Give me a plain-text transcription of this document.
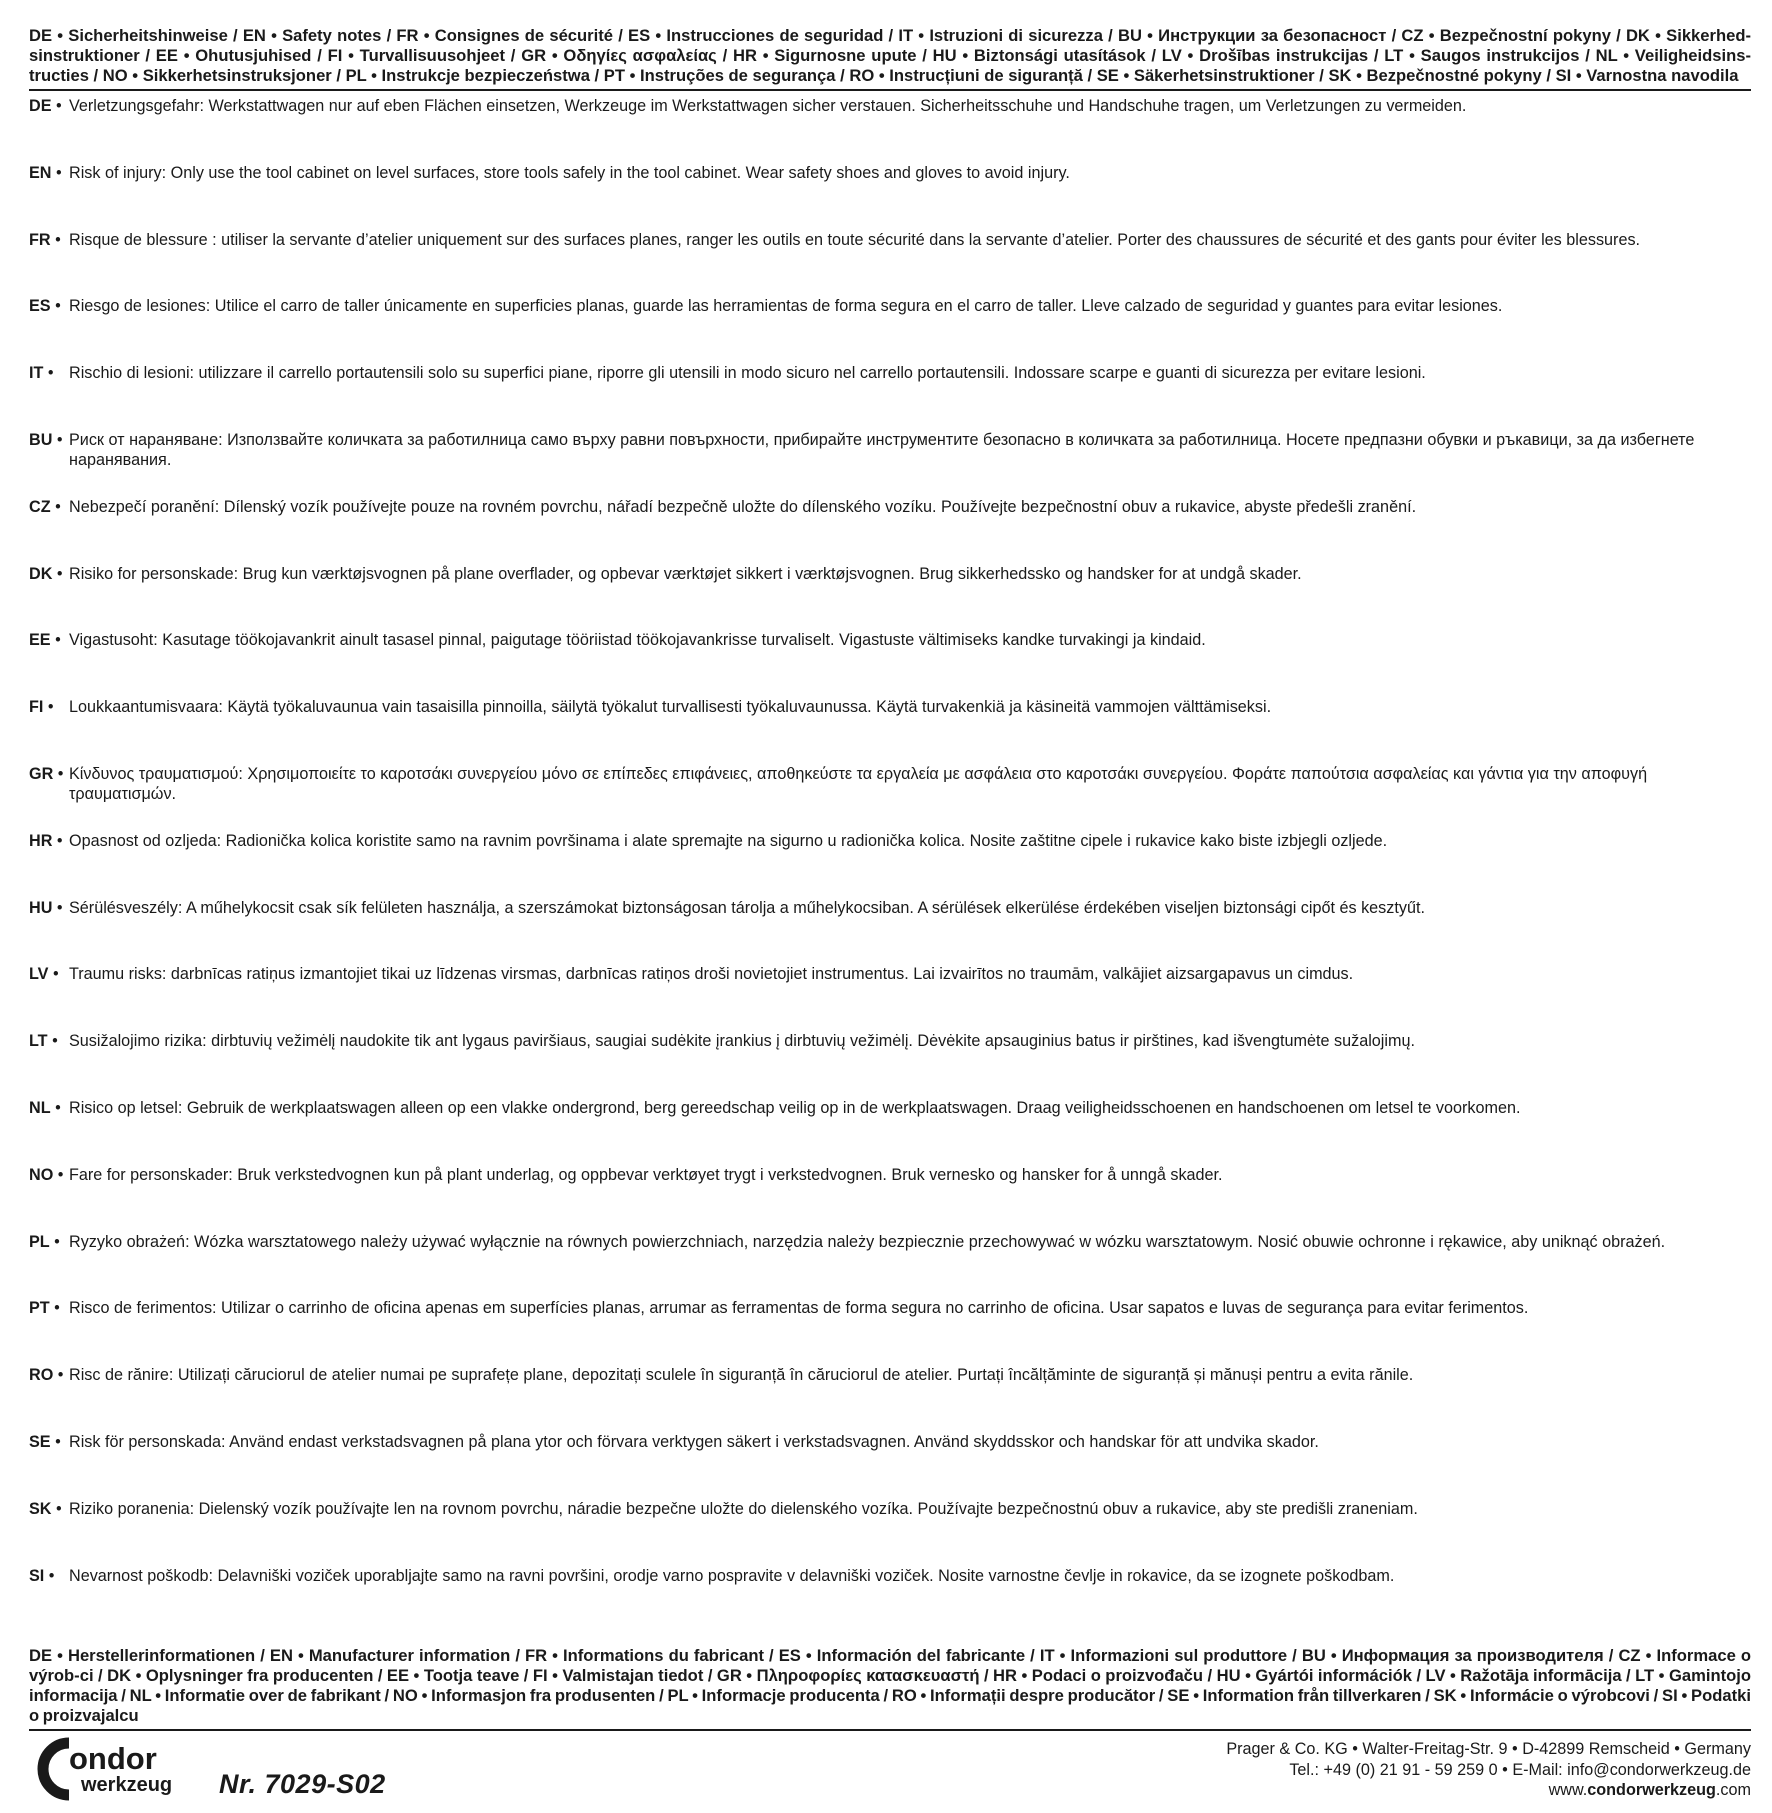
DE • Sicherheitshinweise / EN • Safety notes / FR • Consignes de sécurité / ES • Instrucciones de seguridad / IT • Istruzioni di sicurezza / BU • Инструкции за безопасност / CZ • Bezpečnostní pokyny / DK • Sikkerhed-sinstruktioner / EE • Ohutusjuhised / FI • Turvallisuusohjeet / GR • Οδηγίες ασφαλείας / HR • Sigurnosne upute / HU • Biztonsági utasítások / LV • Drošības instrukcijas / LT • Saugos instrukcijos / NL • Veiligheidsins-tructies / NO • Sikkerhetsinstruksjoner / PL • Instrukcje bezpieczeństwa / PT • Instruções de segurança / RO • Instrucțiuni de siguranță / SE • Säkerhetsinstruktioner / SK • Bezpečnostné pokyny / SI • Varnostna navodila
DE • Verletzungsgefahr: Werkstattwagen nur auf eben Flächen einsetzen, Werkzeuge im Werkstattwagen sicher verstauen. Sicherheitsschuhe und Handschuhe tragen, um Verletzungen zu vermeiden.
EN • Risk of injury: Only use the tool cabinet on level surfaces, store tools safely in the tool cabinet. Wear safety shoes and gloves to avoid injury.
FR • Risque de blessure : utiliser la servante d’atelier uniquement sur des surfaces planes, ranger les outils en toute sécurité dans la servante d’atelier. Porter des chaussures de sécurité et des gants pour éviter les blessures.
ES • Riesgo de lesiones: Utilice el carro de taller únicamente en superficies planas, guarde las herramientas de forma segura en el carro de taller. Lleve calzado de seguridad y guantes para evitar lesiones.
IT • Rischio di lesioni: utilizzare il carrello portautensili solo su superfici piane, riporre gli utensili in modo sicuro nel carrello portautensili. Indossare scarpe e guanti di sicurezza per evitare lesioni.
BU • Риск от нараняване: Използвайте количката за работилница само върху равни повърхности, прибирайте инструментите безопасно в количката за работилница. Носете предпазни обувки и ръкавици, за да избегнете наранявания.
CZ • Nebezpečí poranění: Dílenský vozík používejte pouze na rovném povrchu, nářadí bezpečně uložte do dílenského vozíku. Používejte bezpečnostní obuv a rukavice, abyste předešli zranění.
DK • Risiko for personskade: Brug kun værktøjsvognen på plane overflader, og opbevar værktøjet sikkert i værktøjsvognen. Brug sikkerhedssko og handsker for at undgå skader.
EE • Vigastusoht: Kasutage töökojavankrit ainult tasasel pinnal, paigutage tööriistad töökojavankrisse turvaliselt. Vigastuste vältimiseks kandke turvakingi ja kindaid.
FI • Loukkaantumisvaara: Käytä työkaluvaunua vain tasaisilla pinnoilla, säilytä työkalut turvallisesti työkaluvaunussa. Käytä turvakenkiä ja käsineitä vammojen välttämiseksi.
GR • Κίνδυνος τραυματισμού: Χρησιμοποιείτε το καροτσάκι συνεργείου μόνο σε επίπεδες επιφάνειες, αποθηκεύστε τα εργαλεία με ασφάλεια στο καροτσάκι συνεργείου. Φοράτε παπούτσια ασφαλείας και γάντια για την αποφυγή τραυματισμών.
HR • Opasnost od ozljeda: Radionička kolica koristite samo na ravnim površinama i alate spremajte na sigurno u radionička kolica. Nosite zaštitne cipele i rukavice kako biste izbjegli ozljede.
HU • Sérülésveszély: A műhelykocsit csak sík felületen használja, a szerszámokat biztonságosan tárolja a műhelykocsiban. A sérülések elkerülése érdekében viseljen biztonsági cipőt és kesztyűt.
LV • Traumu risks: darbnīcas ratiņus izmantojiet tikai uz līdzenas virsmas, darbnīcas ratiņos droši novietojiet instrumentus. Lai izvairītos no traumām, valkājiet aizsargapavus un cimdus.
LT • Susižalojimo rizika: dirbtuvių vežimėlį naudokite tik ant lygaus paviršiaus, saugiai sudėkite įrankius į dirbtuvių vežimėlį. Dėvėkite apsauginius batus ir pirštines, kad išvengtumėte sužalojimų.
NL • Risico op letsel: Gebruik de werkplaatswagen alleen op een vlakke ondergrond, berg gereedschap veilig op in de werkplaatswagen. Draag veiligheidsschoenen en handschoenen om letsel te voorkomen.
NO • Fare for personskader: Bruk verkstedvognen kun på plant underlag, og oppbevar verktøyet trygt i verkstedvognen. Bruk vernesko og hansker for å unngå skader.
PL • Ryzyko obrażeń: Wózka warsztatowego należy używać wyłącznie na równych powierzchniach, narzędzia należy bezpiecznie przechowywać w wózku warsztatowym. Nosić obuwie ochronne i rękawice, aby uniknąć obrażeń.
PT • Risco de ferimentos: Utilizar o carrinho de oficina apenas em superfícies planas, arrumar as ferramentas de forma segura no carrinho de oficina. Usar sapatos e luvas de segurança para evitar ferimentos.
RO • Risc de rănire: Utilizați căruciorul de atelier numai pe suprafețe plane, depozitați sculele în siguranță în căruciorul de atelier. Purtați încălțăminte de siguranță și mănuși pentru a evita rănile.
SE • Risk för personskada: Använd endast verkstadsvagnen på plana ytor och förvara verktygen säkert i verkstadsvagnen. Använd skyddsskor och handskar för att undvika skador.
SK • Riziko poranenia: Dielenský vozík používajte len na rovnom povrchu, náradie bezpečne uložte do dielenského vozíka. Používajte bezpečnostnú obuv a rukavice, aby ste predišli zraneniam.
SI • Nevarnost poškodb: Delavniški voziček uporabljajte samo na ravni površini, orodje varno pospravite v delavniški voziček. Nosite varnostne čevlje in rokavice, da se izognete poškodbam.
DE • Herstellerinformationen / EN • Manufacturer information / FR • Informations du fabricant / ES • Información del fabricante / IT • Informazioni sul produttore / BU • Информация за производителя / CZ • Informace o výrob-ci / DK • Oplysninger fra producenten / EE • Tootja teave / FI • Valmistajan tiedot / GR • Πληροφορίες κατασκευαστή / HR • Podaci o proizvođaču / HU • Gyártói információk / LV • Ražotāja informācija / LT • Gamintojo informacija / NL • Informatie over de fabrikant / NO • Informasjon fra produsenten / PL • Informacje producenta / RO • Informații despre producător / SE • Information från tillverkaren / SK • Informácie o výrobcovi / SI • Podatki o proizvajalcu
ondor
werkzeug Nr. 7029-S02
Prager & Co. KG • Walter-Freitag-Str. 9 • D-42899 Remscheid • Germany
Tel.: +49 (0) 21 91 - 59 259 0 • E-Mail: info@condorwerkzeug.de
www.condorwerkzeug.com
